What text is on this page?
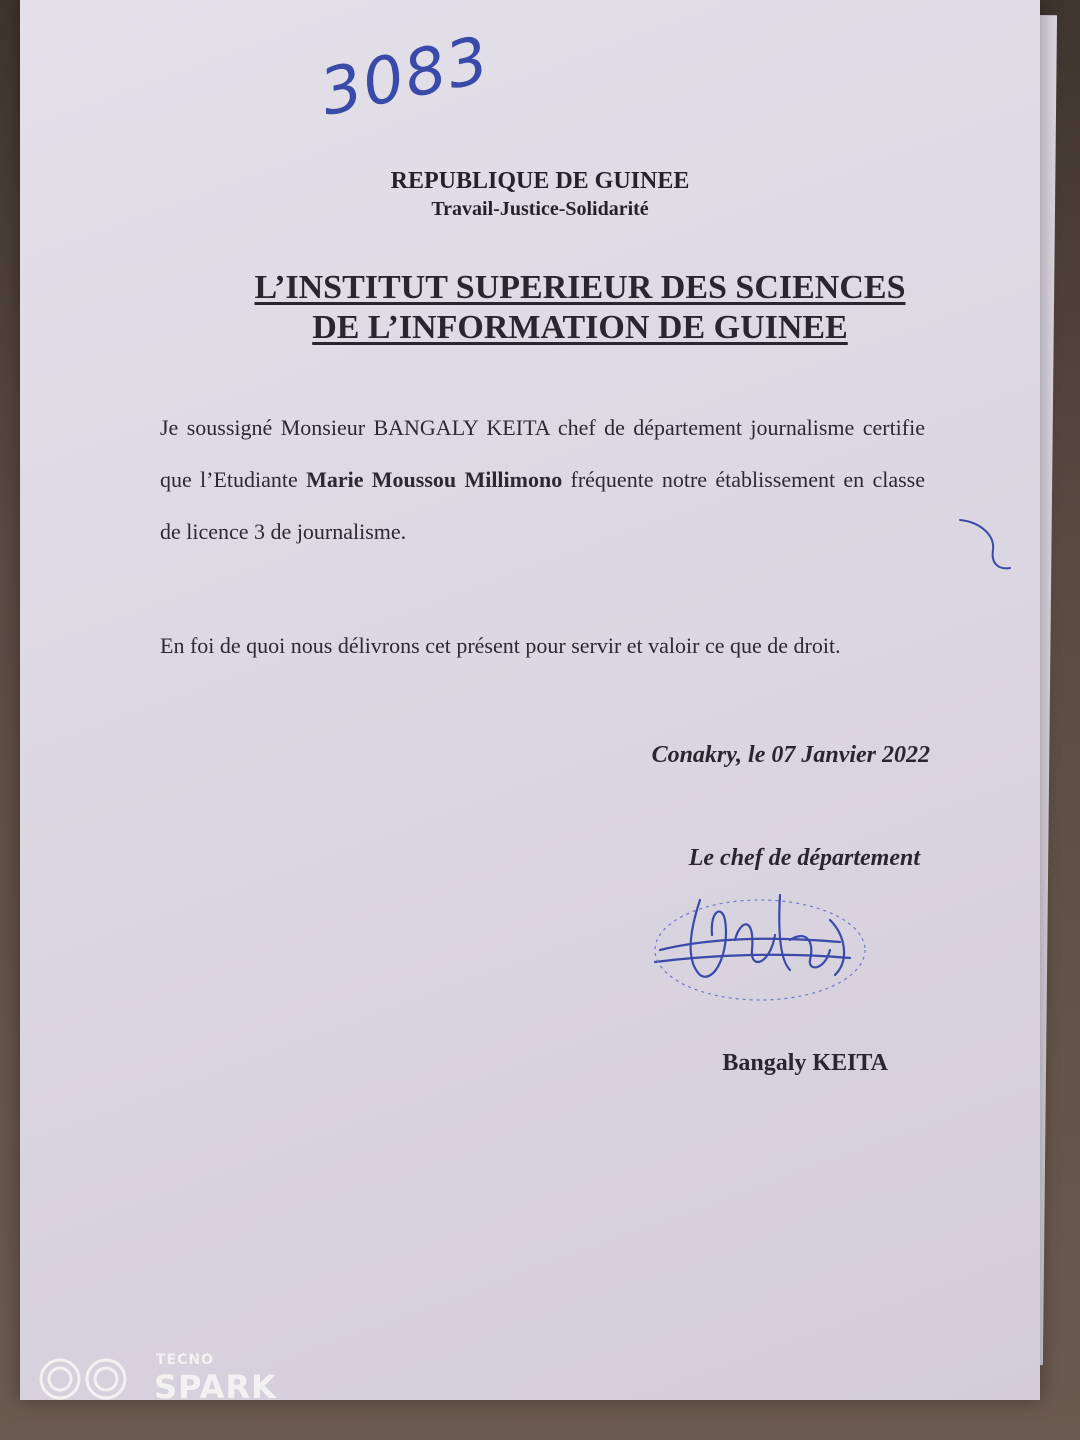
3083
REPUBLIQUE DE GUINEE
Travail-Justice-Solidarité
L’INSTITUT SUPERIEUR DES SCIENCES
DE L’INFORMATION DE GUINEE
Je soussigné Monsieur BANGALY KEITA chef de département journalisme certifie que l’Etudiante Marie Moussou Millimono fréquente notre établissement en classe de licence 3 de journalisme.
En foi de quoi nous délivrons cet présent pour servir et valoir ce que de droit.
Conakry, le 07 Janvier 2022
Le chef de département
Bangaly KEITA
TECNO
SPARK
